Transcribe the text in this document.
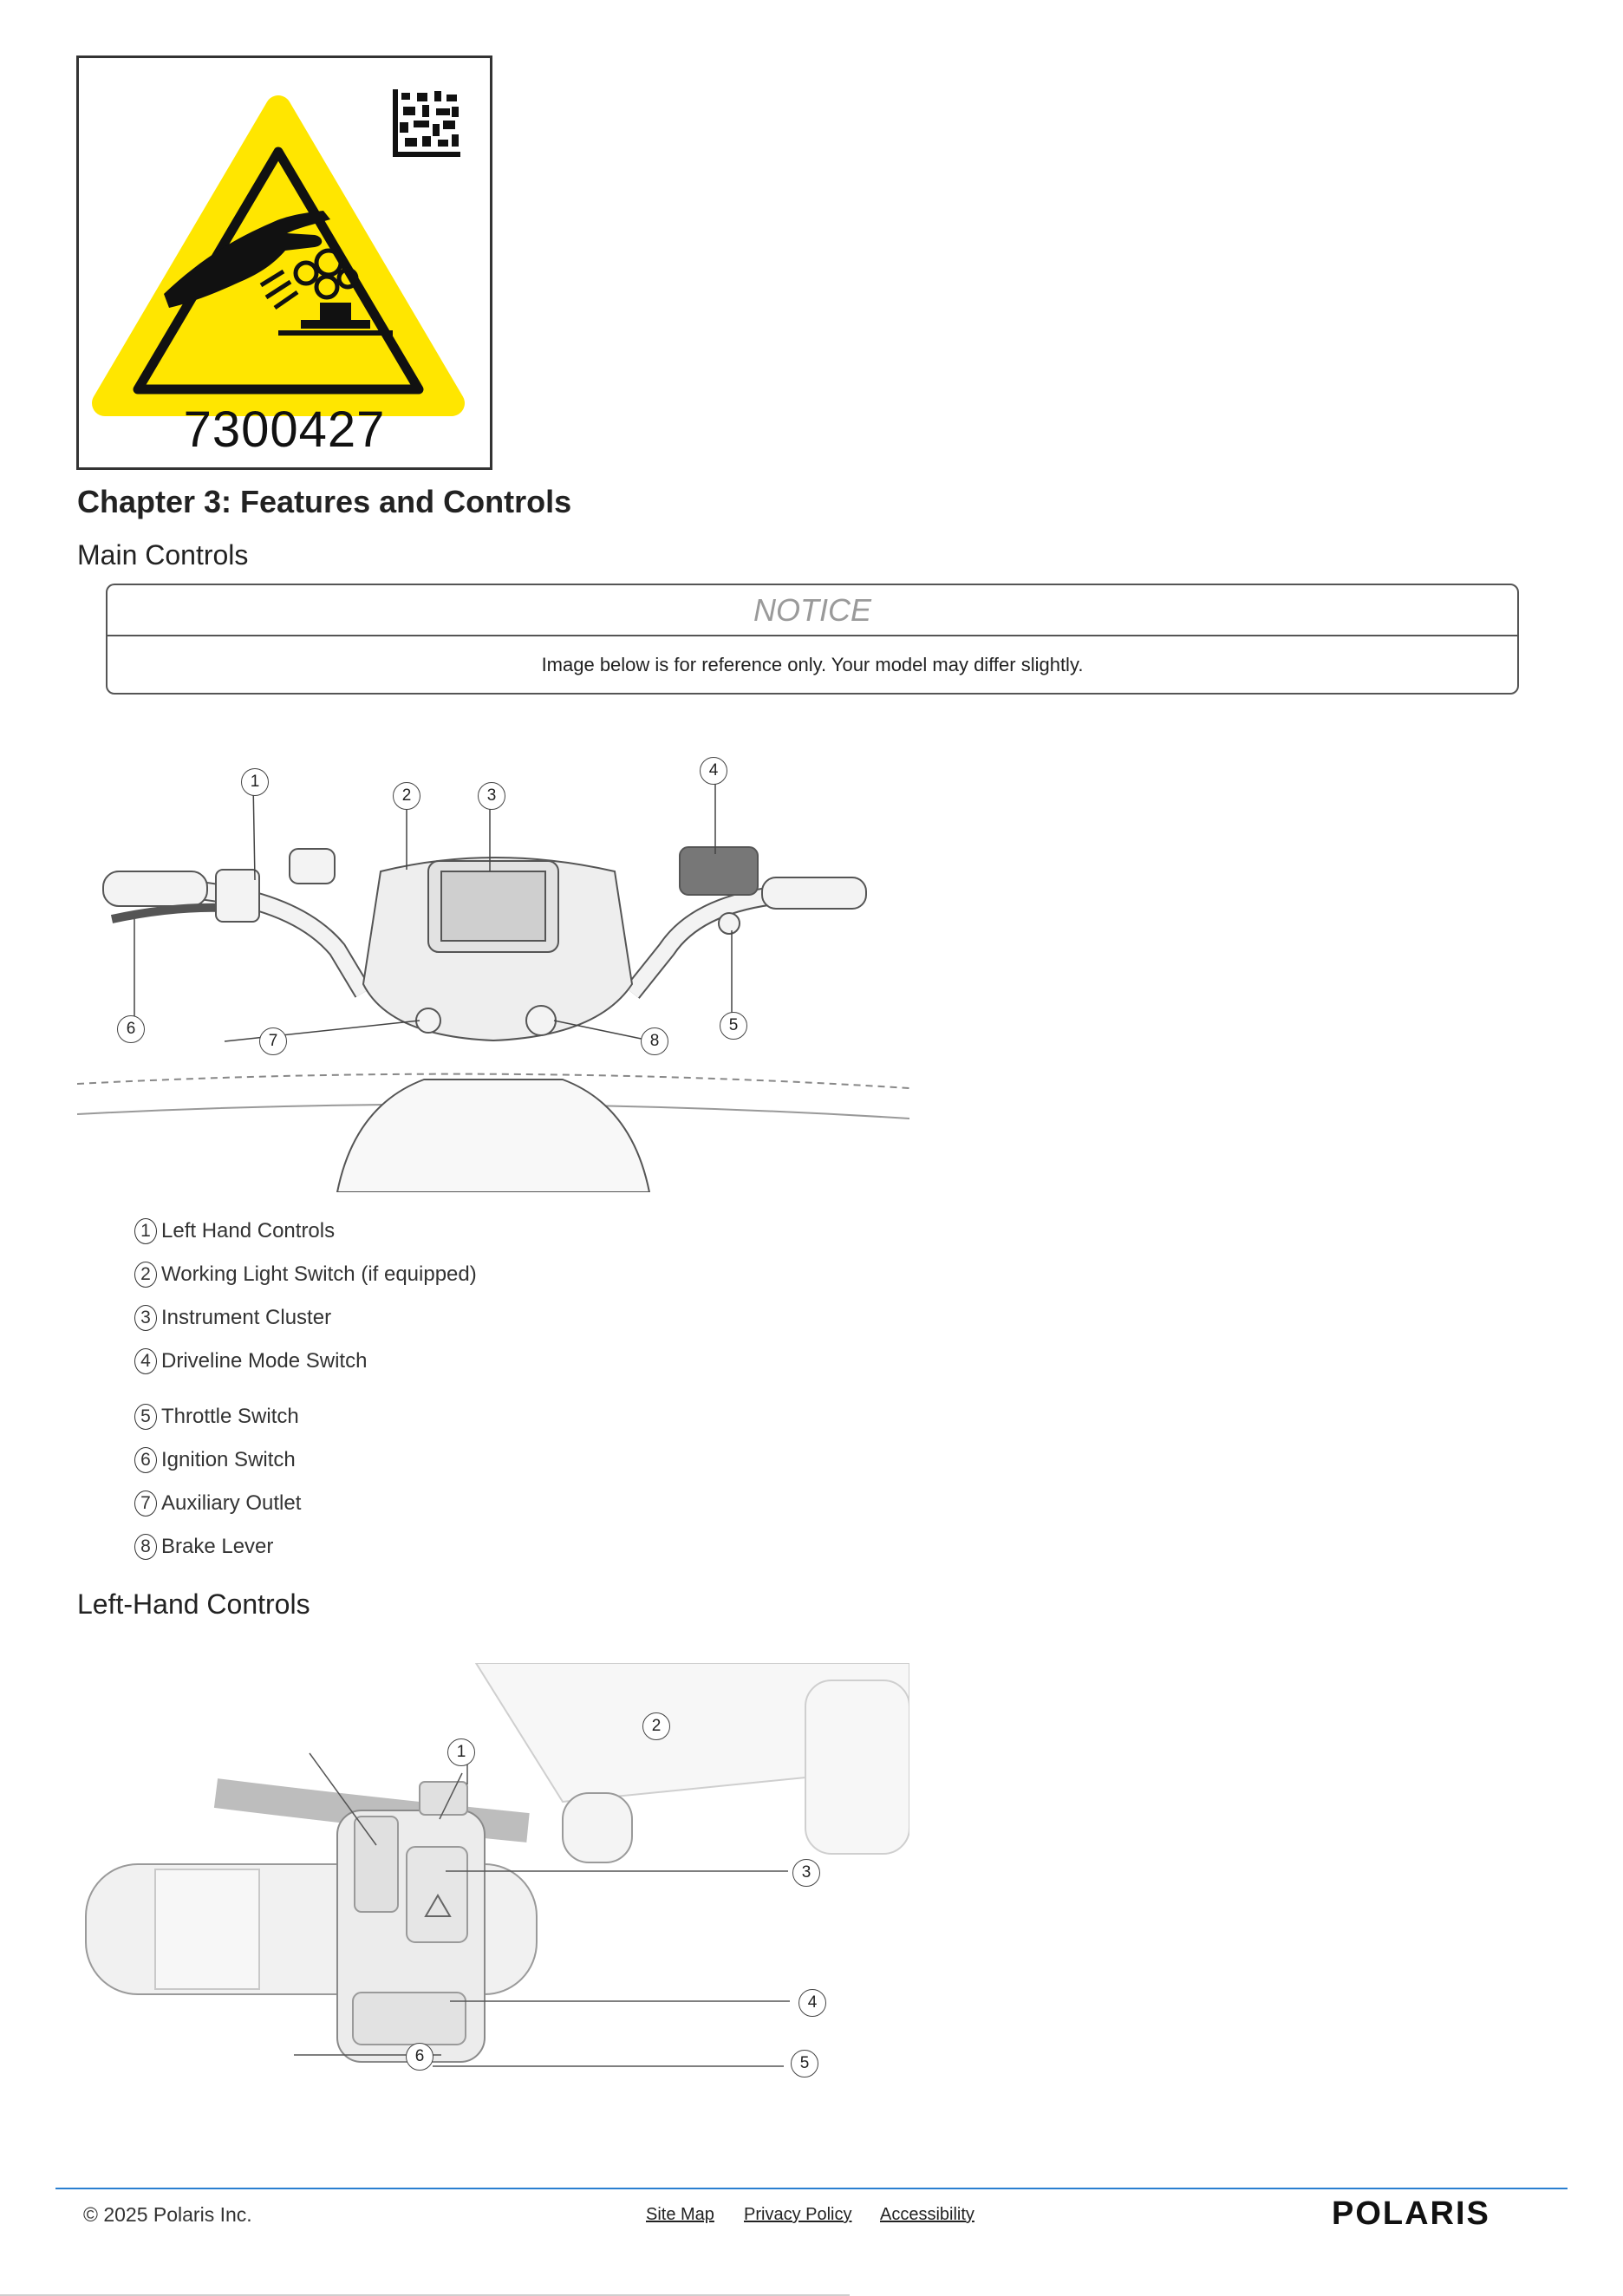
7300427
Chapter 3: Features and Controls
Main Controls
NOTICE
Image below is for reference only. Your model may differ slightly.
1 Left Hand Controls
2 Working Light Switch (if equipped)
3 Instrument Cluster
4 Driveline Mode Switch
5 Throttle Switch
6 Ignition Switch
7 Auxiliary Outlet
8 Brake Lever
Left-Hand Controls
1
2	3
4
5
6
7	8
1
2
3
4
5
6
© 2025 Polaris Inc.	Site Map Privacy Policy Accessibility	POLARIS
